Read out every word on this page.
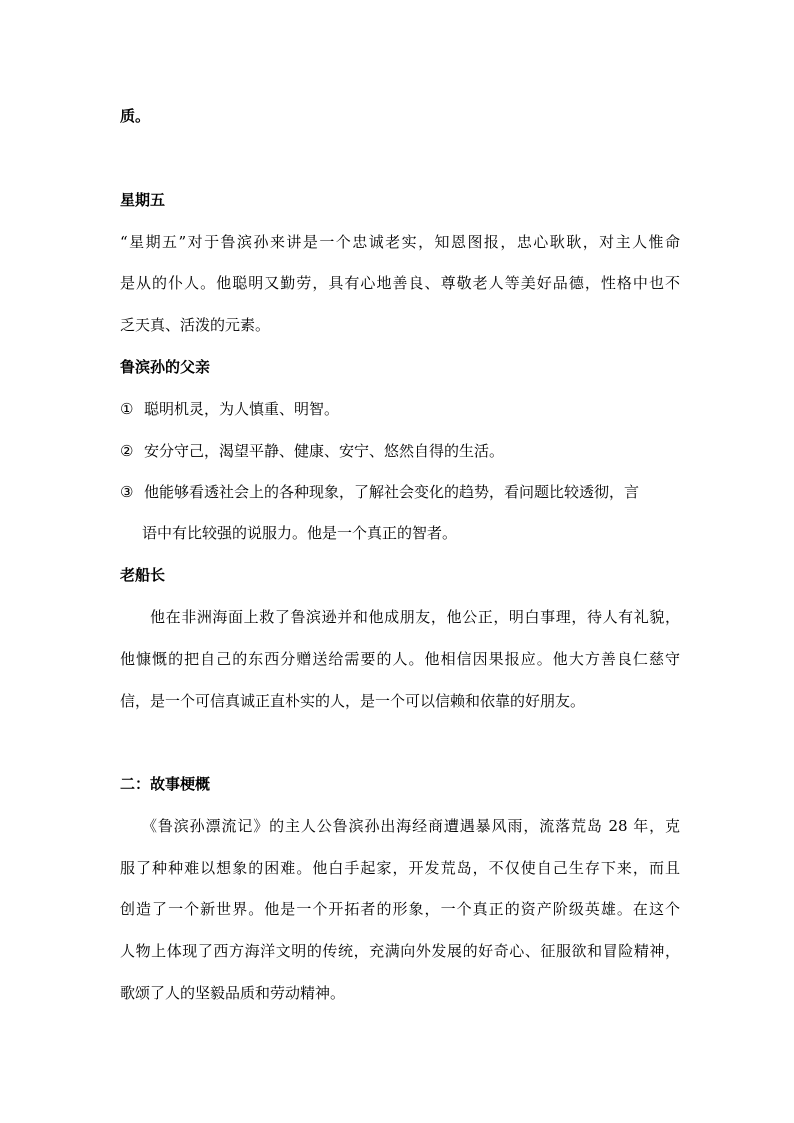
质。
星期五
“星期五”对于鲁滨孙来讲是一个忠诚老实，知恩图报，忠心耿耿，对主人惟命
是从的仆人。他聪明又勤劳，具有心地善良、尊敬老人等美好品德，性格中也不
乏天真、活泼的元素。
鲁滨孙的父亲
① 聪明机灵，为人慎重、明智。
② 安分守己，渴望平静、健康、安宁、悠然自得的生活。
③ 他能够看透社会上的各种现象，了解社会变化的趋势，看问题比较透彻，言
语中有比较强的说服力。他是一个真正的智者。
老船长
他在非洲海面上救了鲁滨逊并和他成朋友，他公正，明白事理，待人有礼貌，
他慷慨的把自己的东西分赠送给需要的人。他相信因果报应。他大方善良仁慈守
信，是一个可信真诚正直朴实的人，是一个可以信赖和依靠的好朋友。
二：故事梗概
《鲁滨孙漂流记》的主人公鲁滨孙出海经商遭遇暴风雨，流落荒岛 28 年，克
服了种种难以想象的困难。他白手起家，开发荒岛，不仅使自己生存下来，而且
创造了一个新世界。他是一个开拓者的形象，一个真正的资产阶级英雄。在这个
人物上体现了西方海洋文明的传统，充满向外发展的好奇心、征服欲和冒险精神，
歌颂了人的坚毅品质和劳动精神。
